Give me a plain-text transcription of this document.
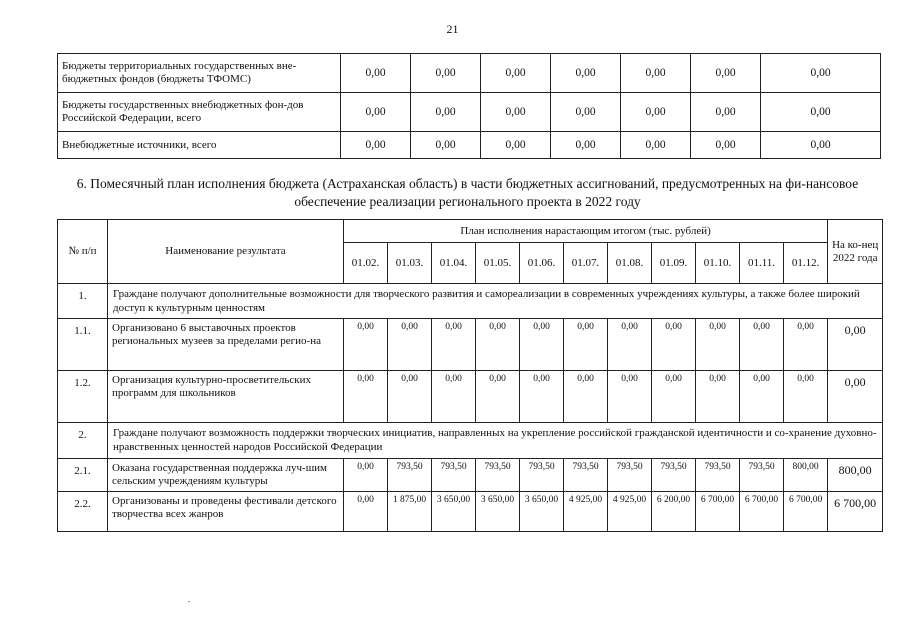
21
Бюджеты территориальных государственных вне-бюджетных фондов (бюджеты ТФОМС)	0,00	0,00	0,00	0,00	0,00	0,00	0,00
Бюджеты государственных внебюджетных фон-дов Российской Федерации, всего	0,00	0,00	0,00	0,00	0,00	0,00	0,00
Внебюджетные источники, всего	0,00	0,00	0,00	0,00	0,00	0,00	0,00
6. Помесячный план исполнения бюджета (Астраханская область) в части бюджетных ассигнований, предусмотренных на фи-нансовое обеспечение реализации регионального проекта в 2022 году
№ п/п	Наименование результата	План исполнения нарастающим итогом (тыс. рублей)											На ко-нец 2022 года
		01.02.	01.03.	01.04.	01.05.	01.06.	01.07.	01.08.	01.09.	01.10.	01.11.	01.12.	
1.	Граждане получают дополнительные возможности для творческого развития и самореализации в современных учреждениях культуры, а также более широкий доступ к культурным ценностям												
1.1.	Организовано 6 выставочных проектов региональных музеев за пределами регио-на	0,00	0,00	0,00	0,00	0,00	0,00	0,00	0,00	0,00	0,00	0,00	0,00
1.2.	Организация культурно-просветительских программ для школьников	0,00	0,00	0,00	0,00	0,00	0,00	0,00	0,00	0,00	0,00	0,00	0,00
2.	Граждане получают возможность поддержки творческих инициатив, направленных на укрепление российской гражданской идентичности и со-хранение духовно-нравственных ценностей народов Российской Федерации												
2.1.	Оказана государственная поддержка луч-шим сельским учреждениям культуры	0,00	793,50	793,50	793,50	793,50	793,50	793,50	793,50	793,50	793,50	800,00	800,00
2.2.	Организованы и проведены фестивали детского творчества всех жанров	0,00	1 875,00	3 650,00	3 650,00	3 650,00	4 925,00	4 925,00	6 200,00	6 700,00	6 700,00	6 700,00	6 700,00
